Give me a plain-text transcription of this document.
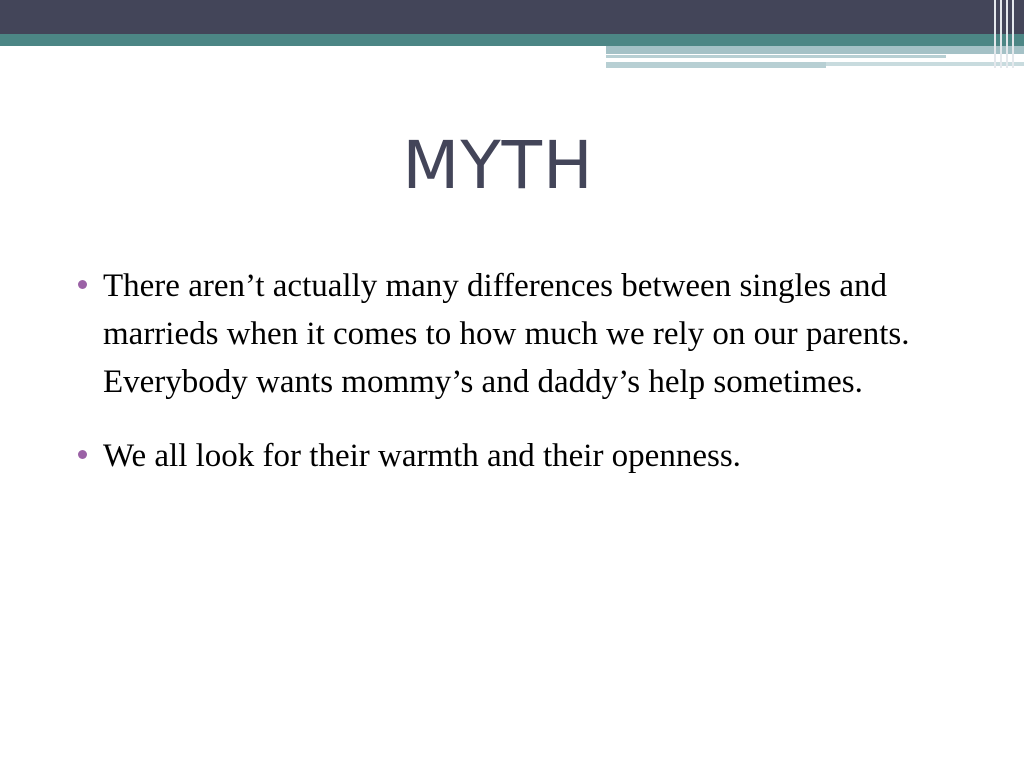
MYTH
There aren’t actually many differences between singles and marrieds when it comes to how much we rely on our parents. Everybody wants mommy’s and daddy’s help sometimes.
We all look for their warmth and their openness.
